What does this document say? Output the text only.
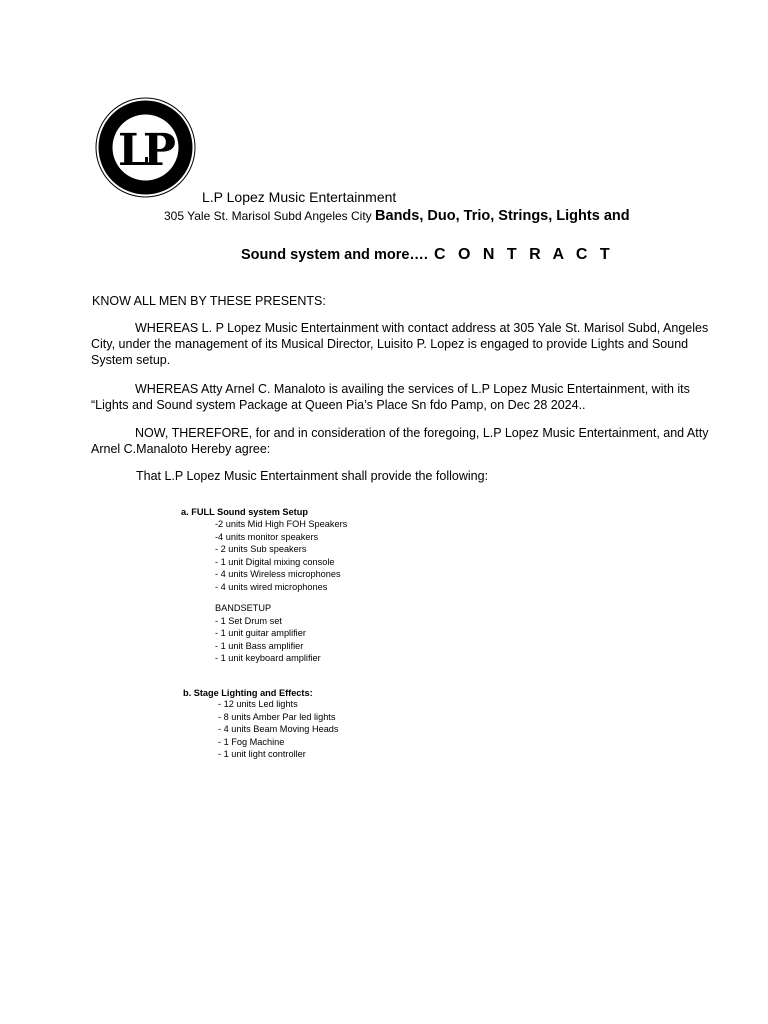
LP
L.P Lopez Music Entertainment
305 Yale St. Marisol Subd Angeles City Bands, Duo, Trio, Strings, Lights and
Sound system and more…. C O N T R A C T
KNOW ALL MEN BY THESE PRESENTS:

WHEREAS L. P Lopez Music Entertainment with contact address at 305 Yale St. Marisol Subd, Angeles City, under the management of its Musical Director, Luisito P. Lopez is engaged to provide Lights and Sound System setup.

WHEREAS Atty Arnel C. Manaloto is availing the services of L.P Lopez Music Entertainment, with its “Lights and Sound system Package at Queen Pia’s Place Sn fdo Pamp, on Dec 28 2024..

NOW, THEREFORE, for and in consideration of the foregoing, L.P Lopez Music Entertainment, and Atty Arnel C.Manaloto Hereby agree:

That L.P Lopez Music Entertainment shall provide the following:
a. FULL Sound system Setup
-2 units Mid High FOH Speakers
-4 units monitor speakers
- 2 units Sub speakers
- 1 unit Digital mixing console
- 4 units Wireless microphones
- 4 units wired microphones
BANDSETUP
- 1 Set Drum set
- 1 unit guitar amplifier
- 1 unit Bass amplifier
- 1 unit keyboard amplifier
b. Stage Lighting and Effects:
- 12 units Led lights
- 8 units Amber Par led lights
- 4 units Beam Moving Heads
- 1 Fog Machine
- 1 unit light controller
